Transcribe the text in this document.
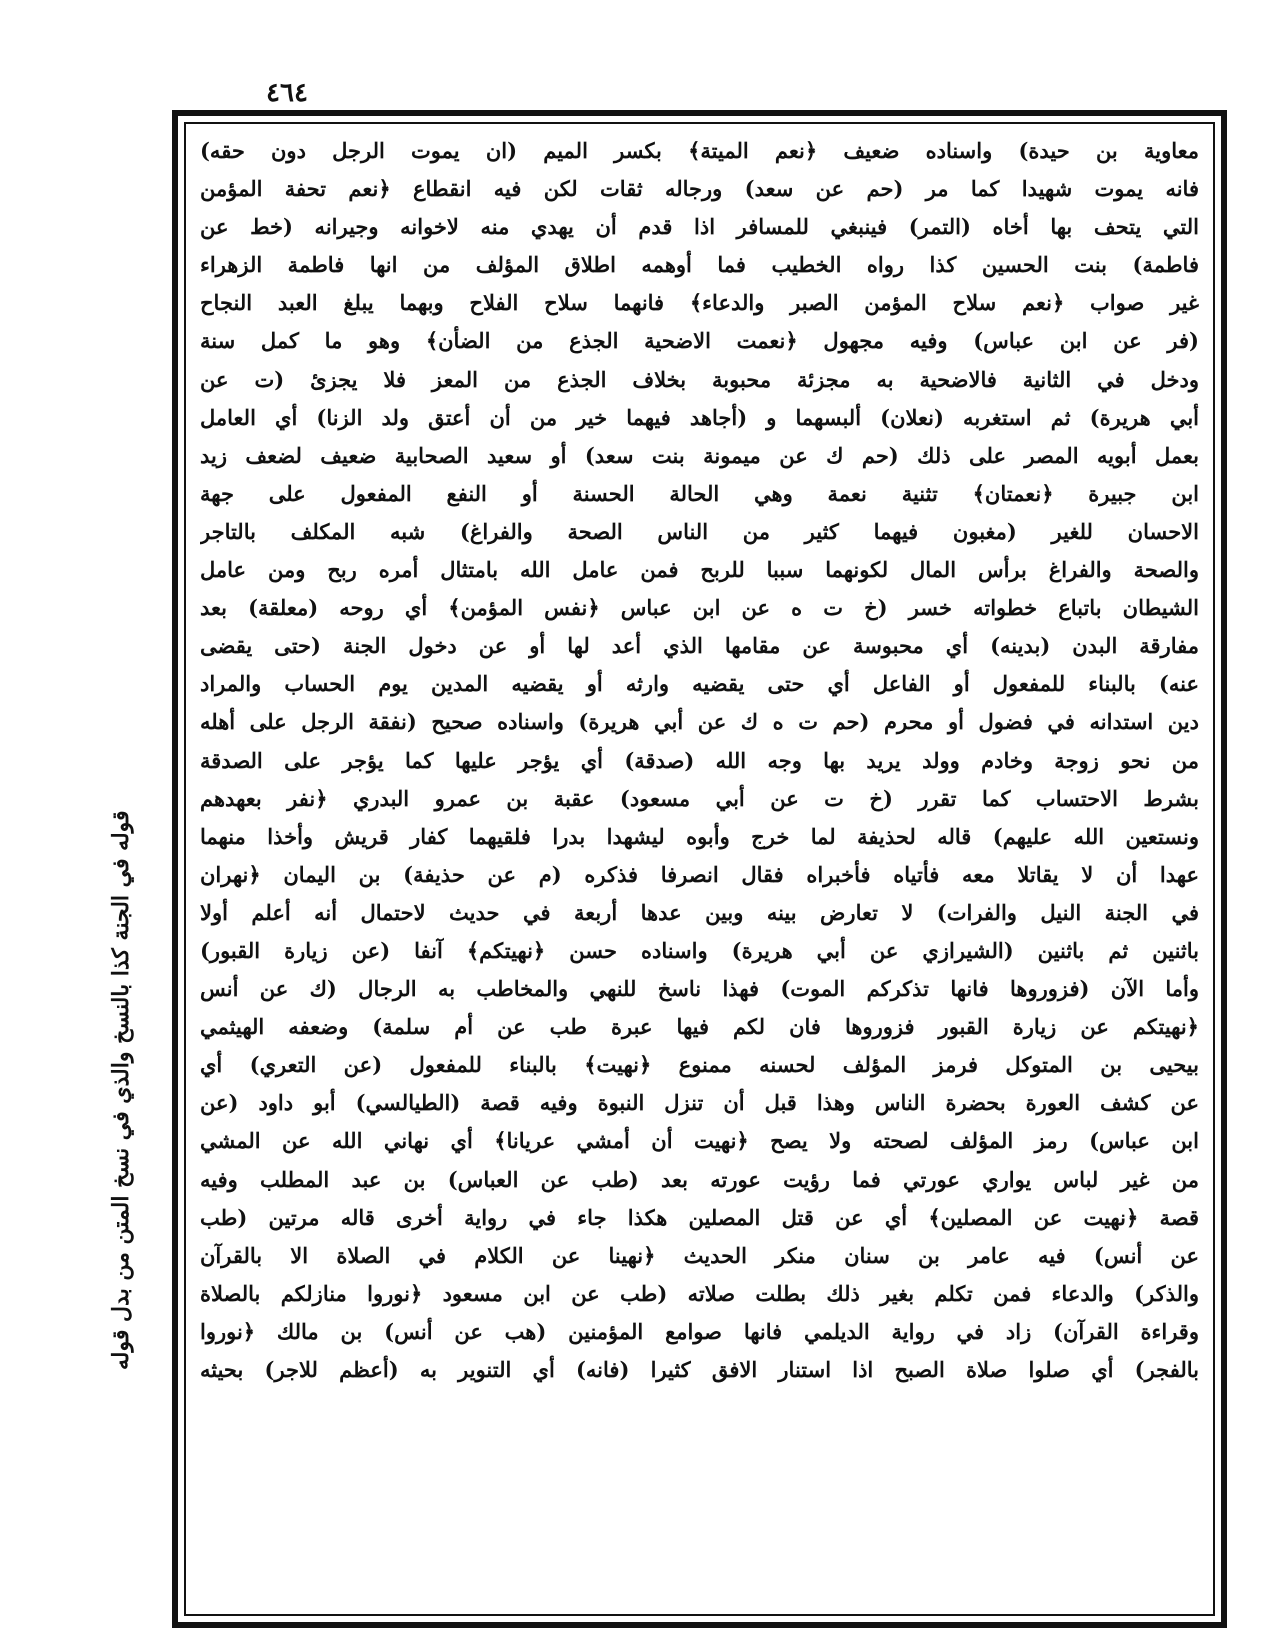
٤٦٤
معاوية بن حيدة) واسناده ضعيف ﴿نعم الميتة﴾ بكسر الميم (ان يموت الرجل دون حقه)
فانه يموت شهيدا كما مر (حم عن سعد) ورجاله ثقات لكن فيه انقطاع ﴿نعم تحفة المؤمن
التي يتحف بها أخاه (التمر) فينبغي للمسافر اذا قدم أن يهدي منه لاخوانه وجيرانه (خط عن
فاطمة) بنت الحسين كذا رواه الخطيب فما أوهمه اطلاق المؤلف من انها فاطمة الزهراء
غير صواب ﴿نعم سلاح المؤمن الصبر والدعاء﴾ فانهما سلاح الفلاح وبهما يبلغ العبد النجاح
(فر عن ابن عباس) وفيه مجهول ﴿نعمت الاضحية الجذع من الضأن﴾ وهو ما كمل سنة
ودخل في الثانية فالاضحية به مجزئة محبوبة بخلاف الجذع من المعز فلا يجزئ (ت عن
أبي هريرة) ثم استغربه (نعلان) ألبسهما و (أجاهد فيهما خير من أن أعتق ولد الزنا) أي العامل
بعمل أبويه المصر على ذلك (حم ك عن ميمونة بنت سعد) أو سعيد الصحابية ضعيف لضعف زيد
ابن جبيرة ﴿نعمتان﴾ تثنية نعمة وهي الحالة الحسنة أو النفع المفعول على جهة
الاحسان للغير (مغبون فيهما كثير من الناس الصحة والفراغ) شبه المكلف بالتاجر
والصحة والفراغ برأس المال لكونهما سببا للربح فمن عامل الله بامتثال أمره ربح ومن عامل
الشيطان باتباع خطواته خسر (خ ت ه عن ابن عباس ﴿نفس المؤمن﴾ أي روحه (معلقة) بعد
مفارقة البدن (بدينه) أي محبوسة عن مقامها الذي أعد لها أو عن دخول الجنة (حتى يقضى
عنه) بالبناء للمفعول أو الفاعل أي حتى يقضيه وارثه أو يقضيه المدين يوم الحساب والمراد
دين استدانه في فضول أو محرم (حم ت ه ك عن أبي هريرة) واسناده صحيح (نفقة الرجل على أهله
من نحو زوجة وخادم وولد يريد بها وجه الله (صدقة) أي يؤجر عليها كما يؤجر على الصدقة
بشرط الاحتساب كما تقرر (خ ت عن أبي مسعود) عقبة بن عمرو البدري ﴿نفر بعهدهم
ونستعين الله عليهم) قاله لحذيفة لما خرج وأبوه ليشهدا بدرا فلقيهما كفار قريش وأخذا منهما
عهدا أن لا يقاتلا معه فأتياه فأخبراه فقال انصرفا فذكره (م عن حذيفة) بن اليمان ﴿نهران
في الجنة النيل والفرات) لا تعارض بينه وبين عدها أربعة في حديث لاحتمال أنه أعلم أولا
باثنين ثم باثنين (الشيرازي عن أبي هريرة) واسناده حسن ﴿نهيتكم﴾ آنفا (عن زيارة القبور)
وأما الآن (فزوروها فانها تذكركم الموت) فهذا ناسخ للنهي والمخاطب به الرجال (ك عن أنس
﴿نهيتكم عن زيارة القبور فزوروها فان لكم فيها عبرة طب عن أم سلمة) وضعفه الهيثمي
بيحيى بن المتوكل فرمز المؤلف لحسنه ممنوع ﴿نهيت﴾ بالبناء للمفعول (عن التعري) أي
عن كشف العورة بحضرة الناس وهذا قبل أن تنزل النبوة وفيه قصة (الطيالسي) أبو داود (عن
ابن عباس) رمز المؤلف لصحته ولا يصح ﴿نهيت أن أمشي عريانا﴾ أي نهاني الله عن المشي
من غير لباس يواري عورتي فما رؤيت عورته بعد (طب عن العباس) بن عبد المطلب وفيه
قصة ﴿نهيت عن المصلين﴾ أي عن قتل المصلين هكذا جاء في رواية أخرى قاله مرتين (طب
عن أنس) فيه عامر بن سنان منكر الحديث ﴿نهينا عن الكلام في الصلاة الا بالقرآن
والذكر) والدعاء فمن تكلم بغير ذلك بطلت صلاته (طب عن ابن مسعود ﴿نوروا منازلكم بالصلاة
وقراءة القرآن) زاد في رواية الديلمي فانها صوامع المؤمنين (هب عن أنس) بن مالك ﴿نوروا
بالفجر) أي صلوا صلاة الصبح اذا استنار الافق كثيرا (فانه) أي التنوير به (أعظم للاجر) بحيثه
قوله في الجنة كذا بالنسخ والذي في نسخ المتن من بدل قوله
